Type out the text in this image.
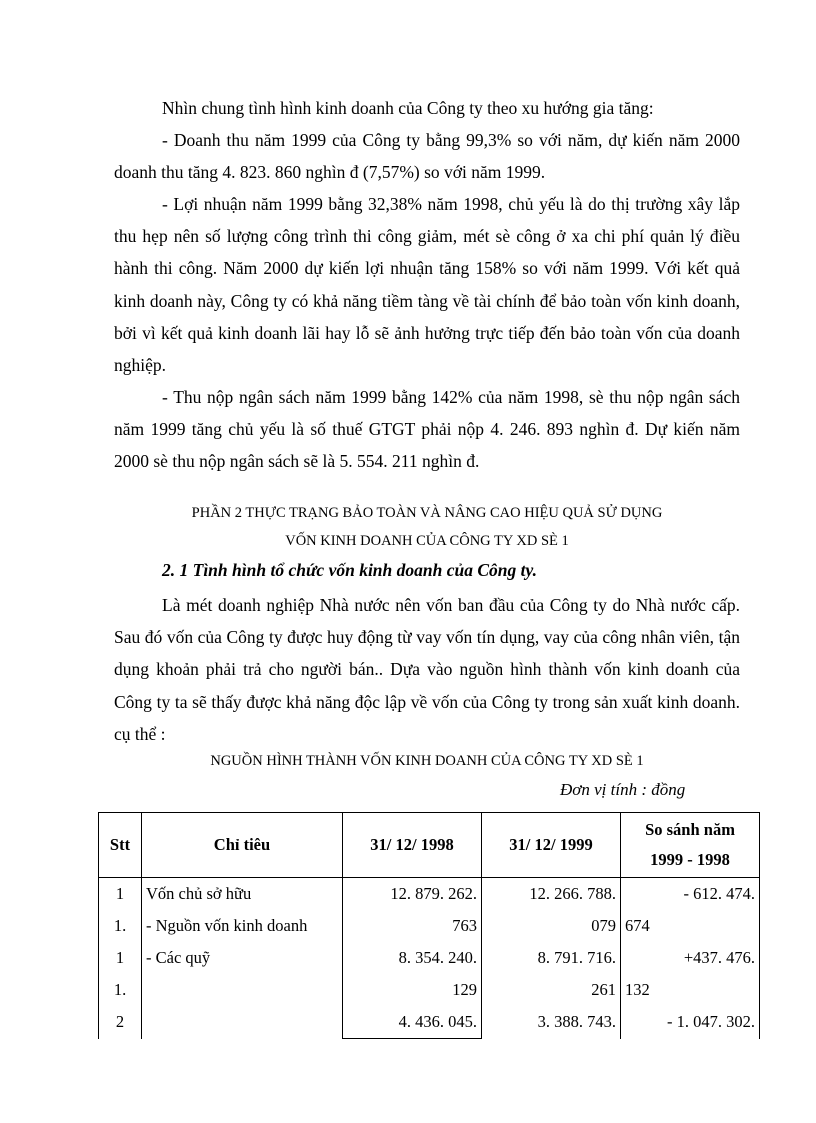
Nhìn chung tình hình kinh doanh của Công ty theo xu hướng gia tăng:

- Doanh thu năm 1999 của Công ty bằng 99,3% so với năm, dự kiến năm 2000 doanh thu tăng 4. 823. 860 nghìn đ (7,57%) so với năm 1999.

- Lợi nhuận năm 1999 bằng 32,38% năm 1998, chủ yếu là do thị trường xây lắp thu hẹp nên số lượng công trình thi công giảm, mét sè công ở xa chi phí quản lý điều hành thi công. Năm 2000 dự kiến lợi nhuận tăng 158% so với năm 1999. Với kết quả kinh doanh này, Công ty có khả năng tiềm tàng về tài chính để bảo toàn vốn kinh doanh, bởi vì kết quả kinh doanh lãi hay lỗ sẽ ảnh hưởng trực tiếp đến bảo toàn vốn của doanh nghiệp.

- Thu nộp ngân sách năm 1999 bằng 142% của năm 1998, sè thu nộp ngân sách năm 1999 tăng chủ yếu là số thuế GTGT phải nộp 4. 246. 893 nghìn đ. Dự kiến năm 2000 sè thu nộp ngân sách sẽ là 5. 554. 211 nghìn đ.

PHẦN 2 THỰC TRẠNG BẢO TOÀN VÀ NÂNG CAO HIỆU QUẢ SỬ DỤNG

VỐN KINH DOANH CỦA CÔNG TY XD SÈ 1

2. 1 Tình hình tổ chức vốn kinh doanh của Công ty.

Là mét doanh nghiệp Nhà nước nên vốn ban đầu của Công ty do Nhà nước cấp. Sau đó vốn của Công ty được huy động từ vay vốn tín dụng, vay của công nhân viên, tận dụng khoản phải trả cho người bán.. Dựa vào nguồn hình thành vốn kinh doanh của Công ty ta sẽ thấy được khả năng độc lập về vốn của Công ty trong sản xuất kinh doanh. cụ thể :

NGUỒN HÌNH THÀNH VỐN KINH DOANH CỦA CÔNG TY XD SÈ 1

Đơn vị tính : đồng

Stt	Chỉ tiêu	31/ 12/ 1998	31/ 12/ 1999	So sánh năm
1999 - 1998

1	Vốn chủ sở hữu	12. 879. 262.	12. 266. 788.	- 612. 474.
1.	- Nguồn vốn kinh doanh	763	079	674
1	- Các quỹ	8. 354. 240.	8. 791. 716.	+437. 476.
1.		129	261	132
2		4. 436. 045.	3. 388. 743.	- 1. 047. 302.
